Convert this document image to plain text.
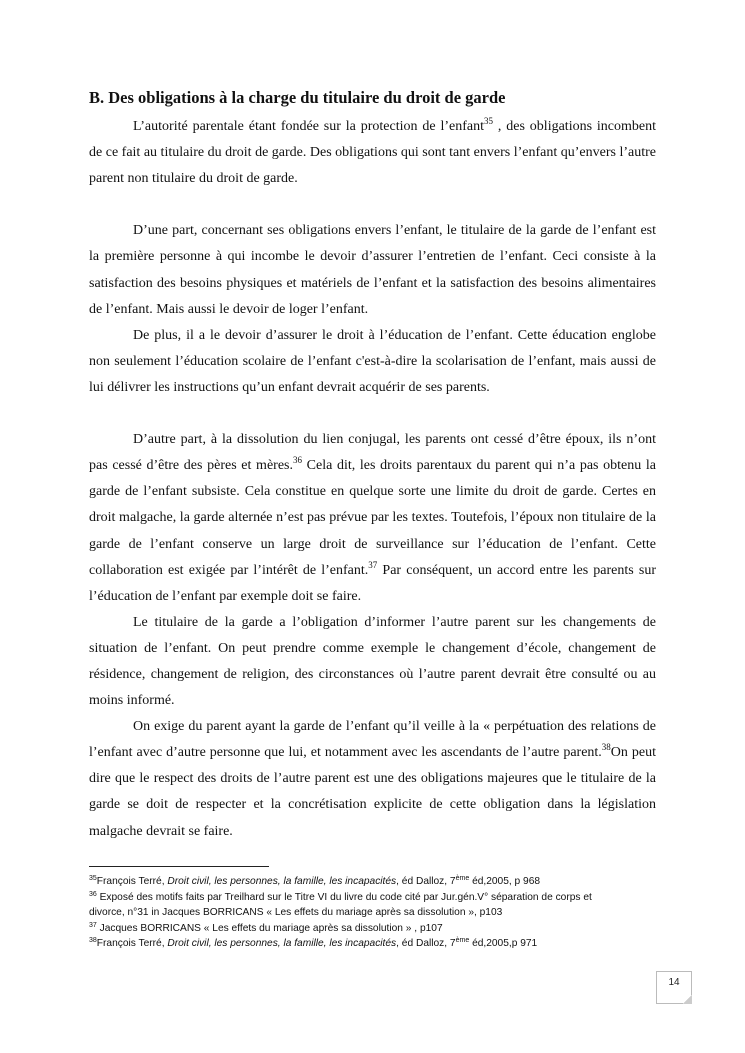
B. Des obligations à la charge du titulaire du droit de garde

L’autorité parentale étant fondée sur la protection de l’enfant$^{35}$ , des obligations incombent de ce fait au titulaire du droit de garde. Des obligations qui sont tant envers l’enfant qu’envers l’autre parent non titulaire du droit de garde.

D’une part, concernant ses obligations envers l’enfant, le titulaire de la garde de l’enfant est la première personne à qui incombe le devoir d’assurer l’entretien de l’enfant. Ceci consiste à la satisfaction des besoins physiques et matériels de l’enfant et la satisfaction des besoins alimentaires de l’enfant. Mais aussi le devoir de loger l’enfant.

De plus, il a le devoir d’assurer le droit à l’éducation de l’enfant. Cette éducation englobe non seulement l’éducation scolaire de l’enfant c'est-à-dire la scolarisation de l’enfant, mais aussi de lui délivrer les instructions qu’un enfant devrait acquérir de ses parents.

D’autre part, à la dissolution du lien conjugal, les parents ont cessé d’être époux, ils n’ont pas cessé d’être des pères et mères.$^{36}$ Cela dit, les droits parentaux du parent qui n’a pas obtenu la garde de l’enfant subsiste. Cela constitue en quelque sorte une limite du droit de garde. Certes en droit malgache, la garde alternée n’est pas prévue par les textes. Toutefois, l’époux non titulaire de la garde de l’enfant conserve un large droit de surveillance sur l’éducation de l’enfant. Cette collaboration est exigée par l’intérêt de l’enfant.$^{37}$ Par conséquent, un accord entre les parents sur l’éducation de l’enfant par exemple doit se faire.

Le titulaire de la garde a l’obligation d’informer l’autre parent sur les changements de situation de l’enfant. On peut prendre comme exemple le changement d’école, changement de résidence, changement de religion, des circonstances où l’autre parent devrait être consulté ou au moins informé.

On exige du parent ayant la garde de l’enfant qu’il veille à la « perpétuation des relations de l’enfant avec d’autre personne que lui, et notamment avec les ascendants de l’autre parent.$^{38}$On peut dire que le respect des droits de l’autre parent est une des obligations majeures que le titulaire de la garde se doit de respecter et la concrétisation explicite de cette obligation dans la législation malgache devrait se faire.

$^{35}$François Terré, Droit civil, les personnes, la famille, les incapacités, éd Dalloz, 7ème éd,2005, p 968
$^{36}$ Exposé des motifs faits par Treilhard sur le Titre VI du livre du code cité par Jur.gén.V° séparation de corps et
divorce, n°31 in Jacques BORRICANS « Les effets du mariage après sa dissolution », p103
$^{37}$ Jacques BORRICANS « Les effets du mariage après sa dissolution » , p107
$^{38}$François Terré, Droit civil, les personnes, la famille, les incapacités, éd Dalloz, 7ème éd,2005,p 971
14
